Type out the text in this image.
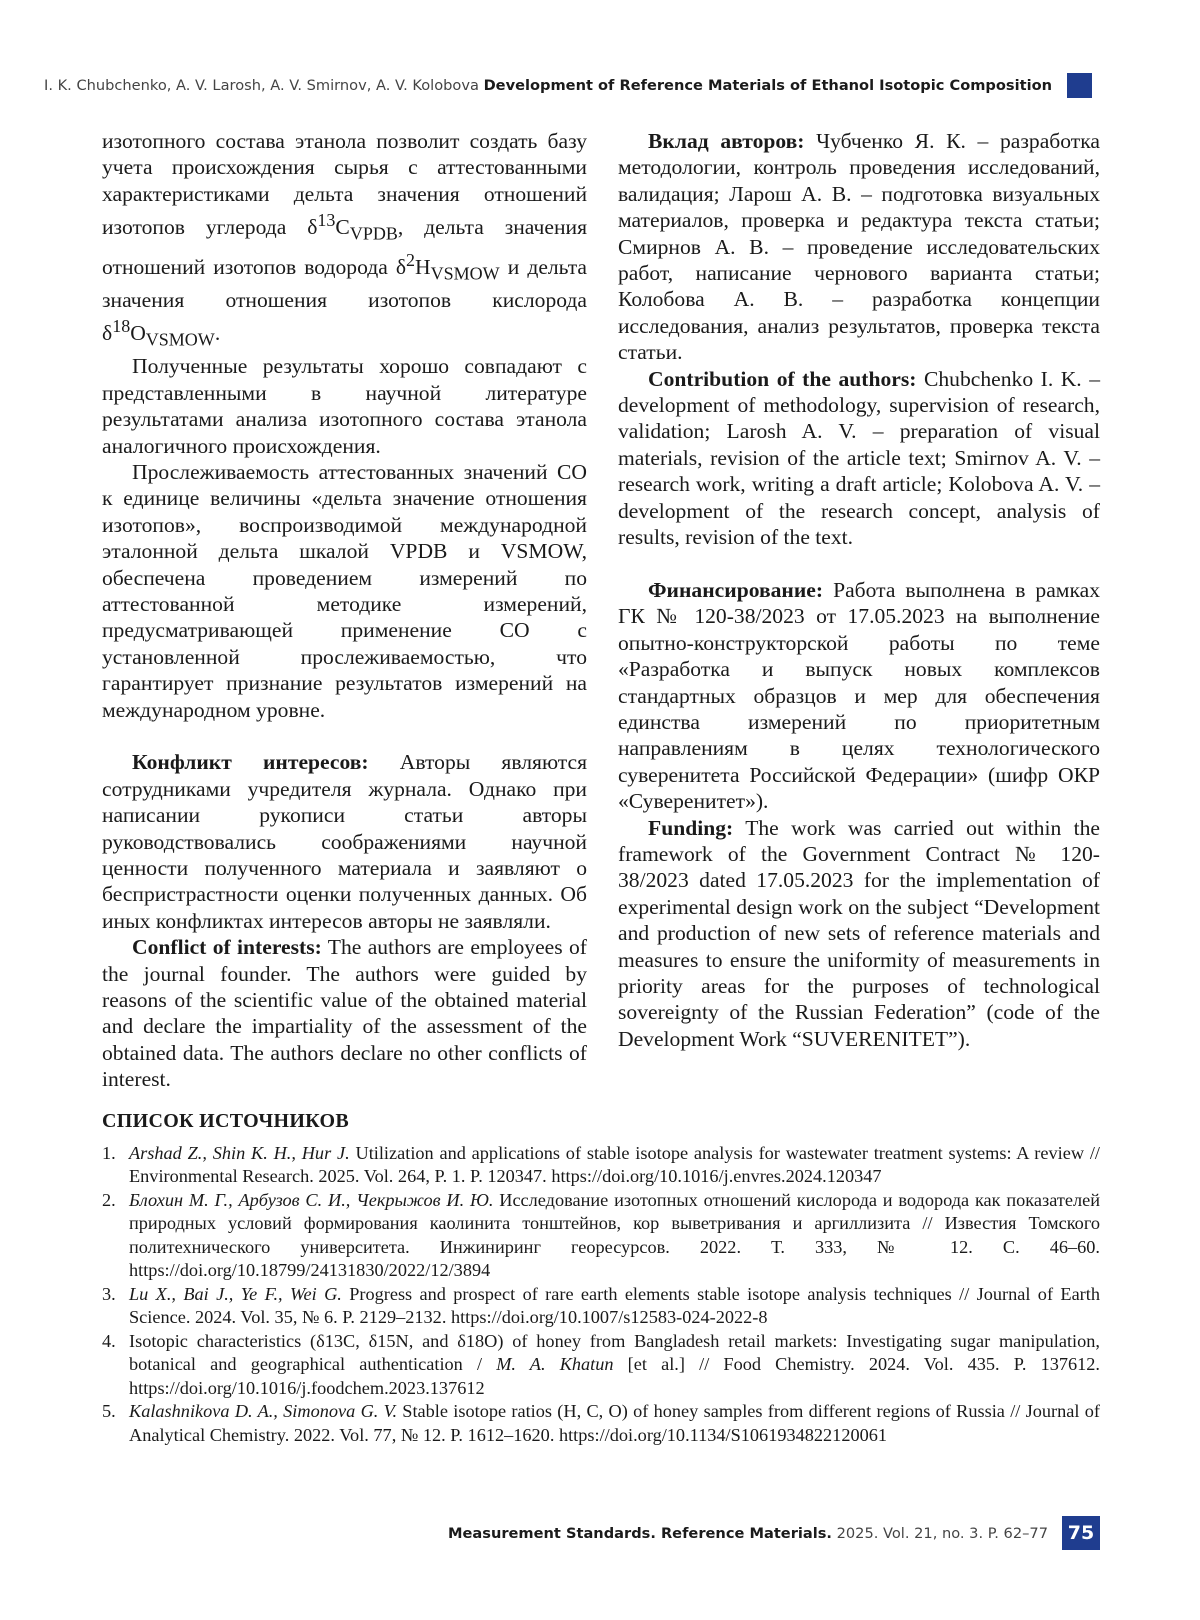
I. K. Chubchenko, A. V. Larosh, A. V. Smirnov, A. V. Kolobova Development of Reference Materials of Ethanol Isotopic Composition

изотопного состава этанола позволит создать базу учета происхождения сырья с аттестованными характеристиками дельта значения отношений изотопов углерода $\delta^{13}C_{VPDB}$, дельта значения отношений изотопов водорода $\delta^2H_{VSMOW}$ и дельта значения отношения изотопов кислорода $\delta^{18}O_{VSMOW}$.

Полученные результаты хорошо совпадают с представленными в научной литературе результатами анализа изотопного состава этанола аналогичного происхождения.

Прослеживаемость аттестованных значений СО к единице величины «дельта значение отношения изотопов», воспроизводимой международной эталонной дельта шкалой VPDB и VSMOW, обеспечена проведением измерений по аттестованной методике измерений, предусматривающей применение СО с установленной прослеживаемостью, что гарантирует признание результатов измерений на международном уровне.

Конфликт интересов: Авторы являются сотрудниками учредителя журнала. Однако при написании рукописи статьи авторы руководствовались соображениями научной ценности полученного материала и заявляют о беспристрастности оценки полученных данных. Об иных конфликтах интересов авторы не заявляли.

Conflict of interests: The authors are employees of the journal founder. The authors were guided by reasons of the scientific value of the obtained material and declare the impartiality of the assessment of the obtained data. The authors declare no other conflicts of interest.

Вклад авторов: Чубченко Я. К. – разработка методологии, контроль проведения исследований, валидация; Ларош А. В. – подготовка визуальных материалов, проверка и редактура текста статьи; Смирнов А. В. – проведение исследовательских работ, написание чернового варианта статьи; Колобова А. В. – разработка концепции исследования, анализ результатов, проверка текста статьи.

Contribution of the authors: Chubchenko I. K. – development of methodology, supervision of research, validation; Larosh A. V. – preparation of visual materials, revision of the article text; Smirnov A. V. – research work, writing a draft article; Kolobova A. V. – development of the research concept, analysis of results, revision of the text.

Финансирование: Работа выполнена в рамках ГК № 120-38/2023 от 17.05.2023 на выполнение опытно-конструкторской работы по теме «Разработка и выпуск новых комплексов стандартных образцов и мер для обеспечения единства измерений по приоритетным направлениям в целях технологического суверенитета Российской Федерации» (шифр ОКР «Суверенитет»).

Funding: The work was carried out within the framework of the Government Contract № 120-38/2023 dated 17.05.2023 for the implementation of experimental design work on the subject “Development and production of new sets of reference materials and measures to ensure the uniformity of measurements in priority areas for the purposes of technological sovereignty of the Russian Federation” (code of the Development Work “SUVERENITET”).

СПИСОК ИСТОЧНИКОВ
1. Arshad Z., Shin K. H., Hur J. Utilization and applications of stable isotope analysis for wastewater treatment systems: A review // Environmental Research. 2025. Vol. 264, P. 1. P. 120347. https://doi.org/10.1016/j.envres.2024.120347
2. Блохин М. Г., Арбузов С. И., Чекрыжов И. Ю. Исследование изотопных отношений кислорода и водорода как показателей природных условий формирования каолинита тонштейнов, кор выветривания и аргиллизита // Известия Томского политехнического университета. Инжиниринг георесурсов. 2022. Т. 333, № 12. С. 46–60. https://doi.org/10.18799/24131830/2022/12/3894
3. Lu X., Bai J., Ye F., Wei G. Progress and prospect of rare earth elements stable isotope analysis techniques // Journal of Earth Science. 2024. Vol. 35, № 6. P. 2129–2132. https://doi.org/10.1007/s12583-024-2022-8
4. Isotopic characteristics (δ13C, δ15N, and δ18O) of honey from Bangladesh retail markets: Investigating sugar manipulation, botanical and geographical authentication / M. A. Khatun [et al.] // Food Chemistry. 2024. Vol. 435. P. 137612. https://doi.org/10.1016/j.foodchem.2023.137612
5. Kalashnikova D. A., Simonova G. V. Stable isotope ratios (H, C, O) of honey samples from different regions of Russia // Journal of Analytical Chemistry. 2022. Vol. 77, № 12. P. 1612–1620. https://doi.org/10.1134/S1061934822120061
Measurement Standards. Reference Materials. 2025. Vol. 21, no. 3. P. 62–77	75
